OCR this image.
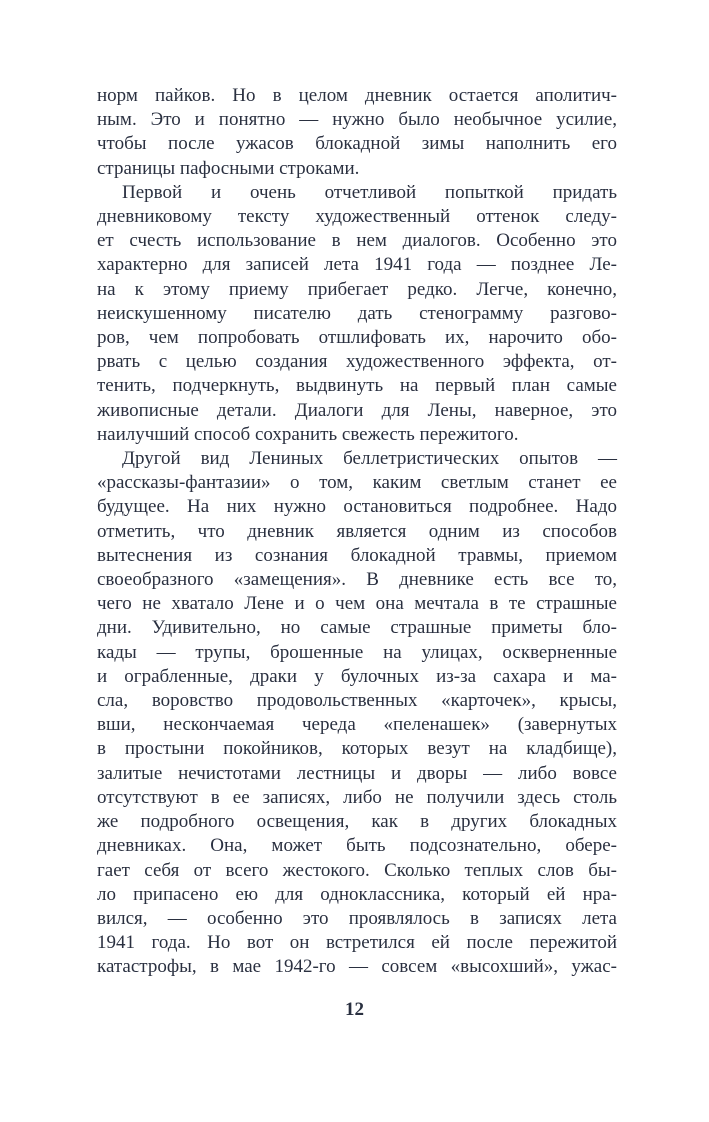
норм пайков. Но в целом дневник остается аполитич-
ным. Это и понятно — нужно было необычное усилие,
чтобы после ужасов блокадной зимы наполнить его
страницы пафосными строками.
Первой и очень отчетливой попыткой придать
дневниковому тексту художественный оттенок следу-
ет счесть использование в нем диалогов. Особенно это
характерно для записей лета 1941 года — позднее Ле-
на к этому приему прибегает редко. Легче, конечно,
неискушенному писателю дать стенограмму разгово-
ров, чем попробовать отшлифовать их, нарочито обо-
рвать с целью создания художественного эффекта, от-
тенить, подчеркнуть, выдвинуть на первый план самые
живописные детали. Диалоги для Лены, наверное, это
наилучший способ сохранить свежесть пережитого.
Другой вид Лениных беллетристических опытов —
«рассказы-фантазии» о том, каким светлым станет ее
будущее. На них нужно остановиться подробнее. Надо
отметить, что дневник является одним из способов
вытеснения из сознания блокадной травмы, приемом
своеобразного «замещения». В дневнике есть все то,
чего не хватало Лене и о чем она мечтала в те страшные
дни. Удивительно, но самые страшные приметы бло-
кады — трупы, брошенные на улицах, оскверненные
и ограбленные, драки у булочных из-за сахара и ма-
сла, воровство продовольственных «карточек», крысы,
вши, нескончаемая череда «пеленашек» (завернутых
в простыни покойников, которых везут на кладбище),
залитые нечистотами лестницы и дворы — либо вовсе
отсутствуют в ее записях, либо не получили здесь столь
же подробного освещения, как в других блокадных
дневниках. Она, может быть подсознательно, обере-
гает себя от всего жестокого. Сколько теплых слов бы-
ло припасено ею для одноклассника, который ей нра-
вился, — особенно это проявлялось в записях лета
1941 года. Но вот он встретился ей после пережитой
катастрофы, в мае 1942-го — совсем «высохший», ужас-
12
